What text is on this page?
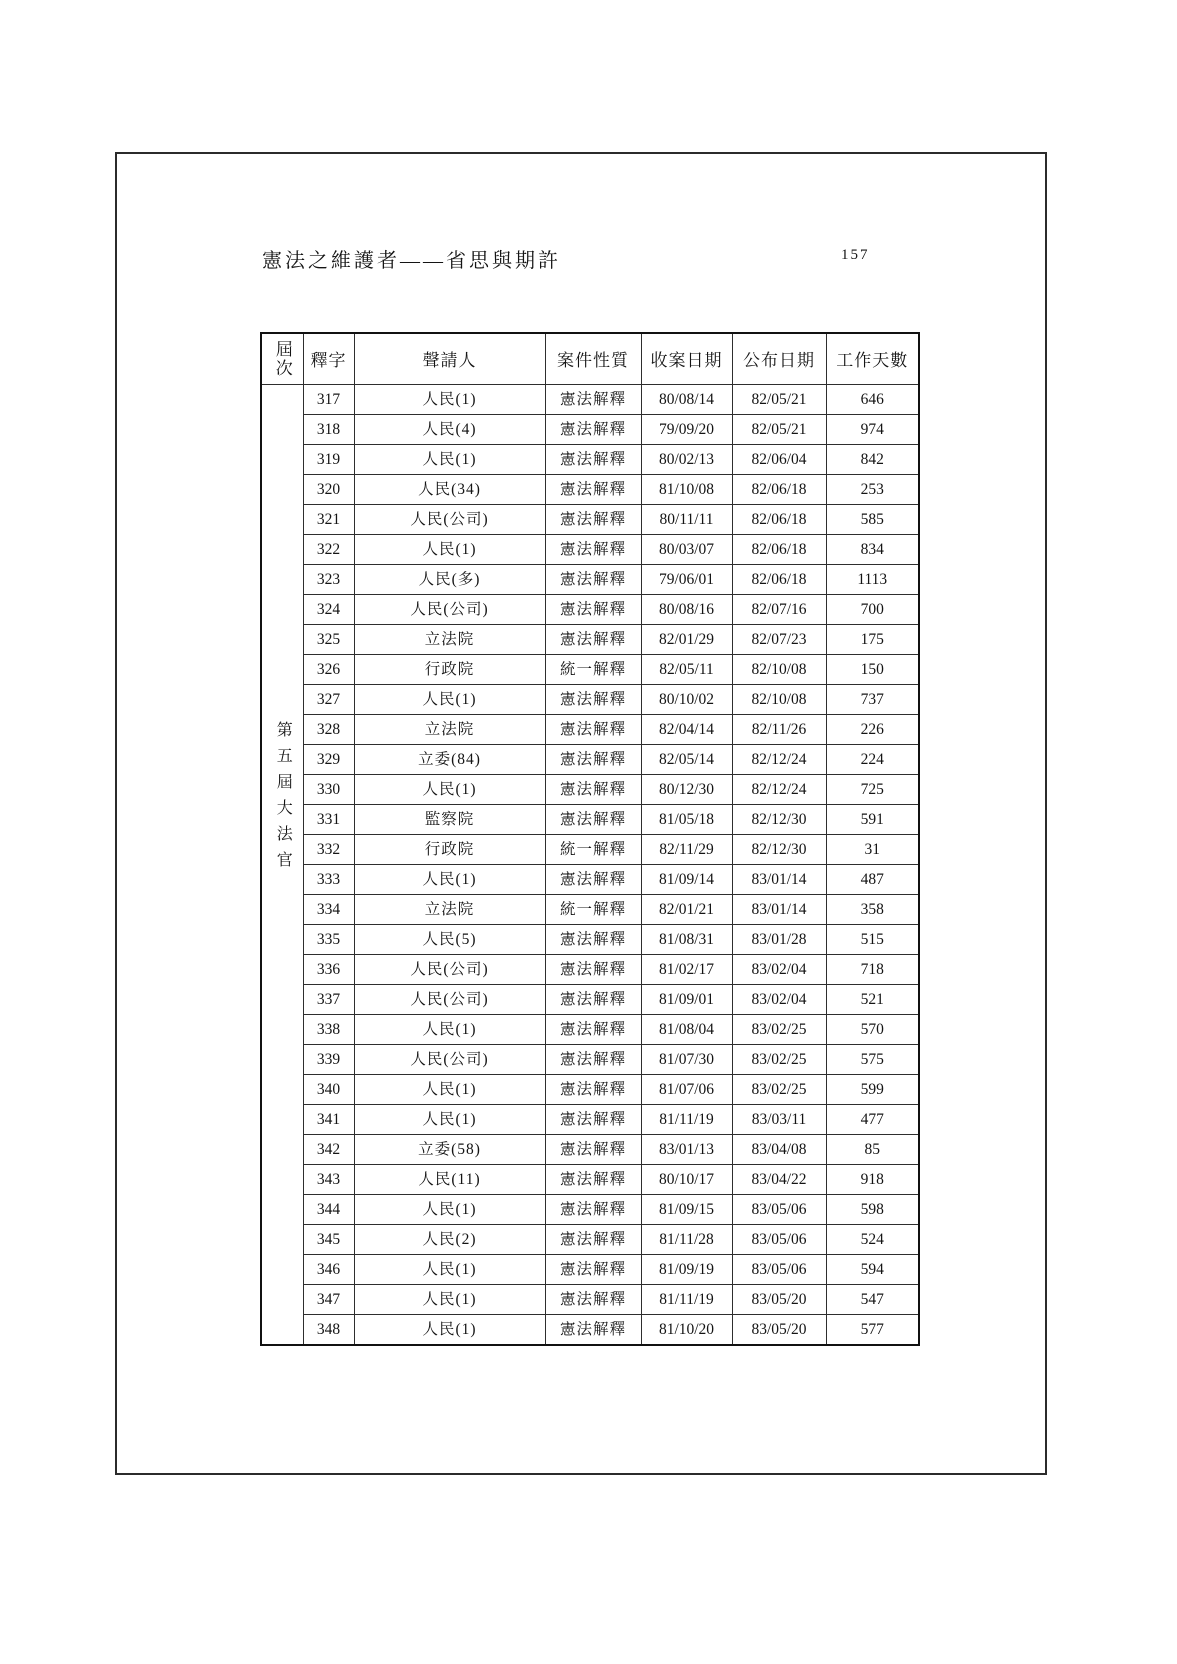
憲法之維護者——省思與期許	157
屆次	釋字	聲請人	案件性質	收案日期	公布日期	工作天數
第五屆大法官	317	人民(1)	憲法解釋	80/08/14	82/05/21	646
	318	人民(4)	憲法解釋	79/09/20	82/05/21	974
	319	人民(1)	憲法解釋	80/02/13	82/06/04	842
	320	人民(34)	憲法解釋	81/10/08	82/06/18	253
	321	人民(公司)	憲法解釋	80/11/11	82/06/18	585
	322	人民(1)	憲法解釋	80/03/07	82/06/18	834
	323	人民(多)	憲法解釋	79/06/01	82/06/18	1113
	324	人民(公司)	憲法解釋	80/08/16	82/07/16	700
	325	立法院	憲法解釋	82/01/29	82/07/23	175
	326	行政院	統一解釋	82/05/11	82/10/08	150
	327	人民(1)	憲法解釋	80/10/02	82/10/08	737
	328	立法院	憲法解釋	82/04/14	82/11/26	226
	329	立委(84)	憲法解釋	82/05/14	82/12/24	224
	330	人民(1)	憲法解釋	80/12/30	82/12/24	725
	331	監察院	憲法解釋	81/05/18	82/12/30	591
	332	行政院	統一解釋	82/11/29	82/12/30	31
	333	人民(1)	憲法解釋	81/09/14	83/01/14	487
	334	立法院	統一解釋	82/01/21	83/01/14	358
	335	人民(5)	憲法解釋	81/08/31	83/01/28	515
	336	人民(公司)	憲法解釋	81/02/17	83/02/04	718
	337	人民(公司)	憲法解釋	81/09/01	83/02/04	521
	338	人民(1)	憲法解釋	81/08/04	83/02/25	570
	339	人民(公司)	憲法解釋	81/07/30	83/02/25	575
	340	人民(1)	憲法解釋	81/07/06	83/02/25	599
	341	人民(1)	憲法解釋	81/11/19	83/03/11	477
	342	立委(58)	憲法解釋	83/01/13	83/04/08	85
	343	人民(11)	憲法解釋	80/10/17	83/04/22	918
	344	人民(1)	憲法解釋	81/09/15	83/05/06	598
	345	人民(2)	憲法解釋	81/11/28	83/05/06	524
	346	人民(1)	憲法解釋	81/09/19	83/05/06	594
	347	人民(1)	憲法解釋	81/11/19	83/05/20	547
	348	人民(1)	憲法解釋	81/10/20	83/05/20	577
